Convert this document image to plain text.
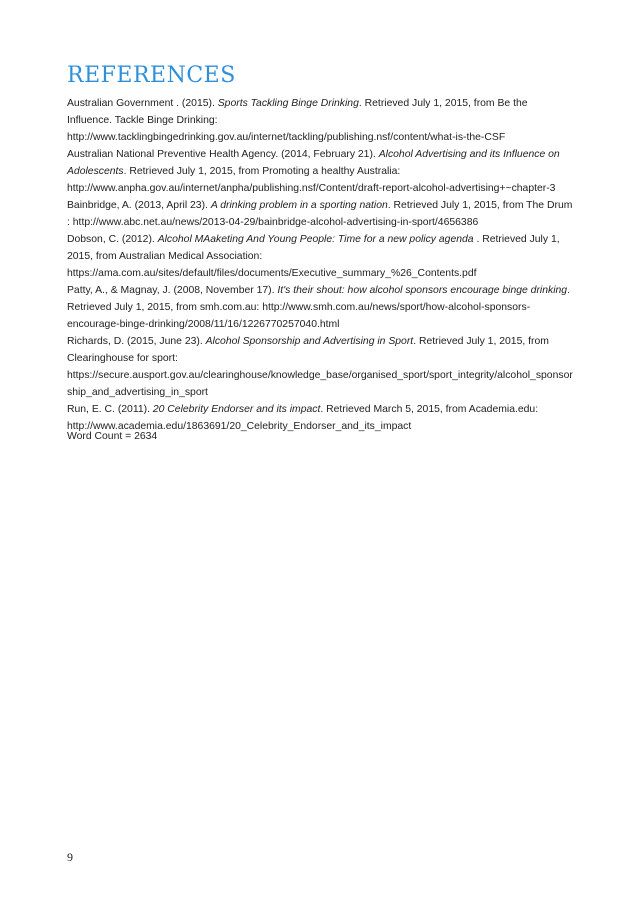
REFERENCES

Australian Government . (2015). Sports Tackling Binge Drinking. Retrieved July 1, 2015, from Be the Influence. Tackle Binge Drinking:
http://www.tacklingbingedrinking.gov.au/internet/tackling/publishing.nsf/content/what-is-the-CSF

Australian National Preventive Health Agency. (2014, February 21). Alcohol Advertising and its Influence on Adolescents. Retrieved July 1, 2015, from Promoting a healthy Australia:
http://www.anpha.gov.au/internet/anpha/publishing.nsf/Content/draft-report-alcohol-advertising+~chapter-3

Bainbridge, A. (2013, April 23). A drinking problem in a sporting nation. Retrieved July 1, 2015, from The Drum : http://www.abc.net.au/news/2013-04-29/bainbridge-alcohol-advertising-in-sport/4656386

Dobson, C. (2012). Alcohol MAaketing And Young People: Time for a new policy agenda . Retrieved July 1, 2015, from Australian Medical Association:
https://ama.com.au/sites/default/files/documents/Executive_summary_%26_Contents.pdf

Patty, A., & Magnay, J. (2008, November 17). It's their shout: how alcohol sponsors encourage binge drinking. Retrieved July 1, 2015, from smh.com.au: http://www.smh.com.au/news/sport/how-alcohol-sponsors-encourage-binge-drinking/2008/11/16/1226770257040.html

Richards, D. (2015, June 23). Alcohol Sponsorship and Advertising in Sport. Retrieved July 1, 2015, from Clearinghouse for sport:
https://secure.ausport.gov.au/clearinghouse/knowledge_base/organised_sport/sport_integrity/alcohol_sponsorship_and_advertising_in_sport

Run, E. C. (2011). 20 Celebrity Endorser and its impact. Retrieved March 5, 2015, from Academia.edu:
http://www.academia.edu/1863691/20_Celebrity_Endorser_and_its_impact

Word Count = 2634
9
